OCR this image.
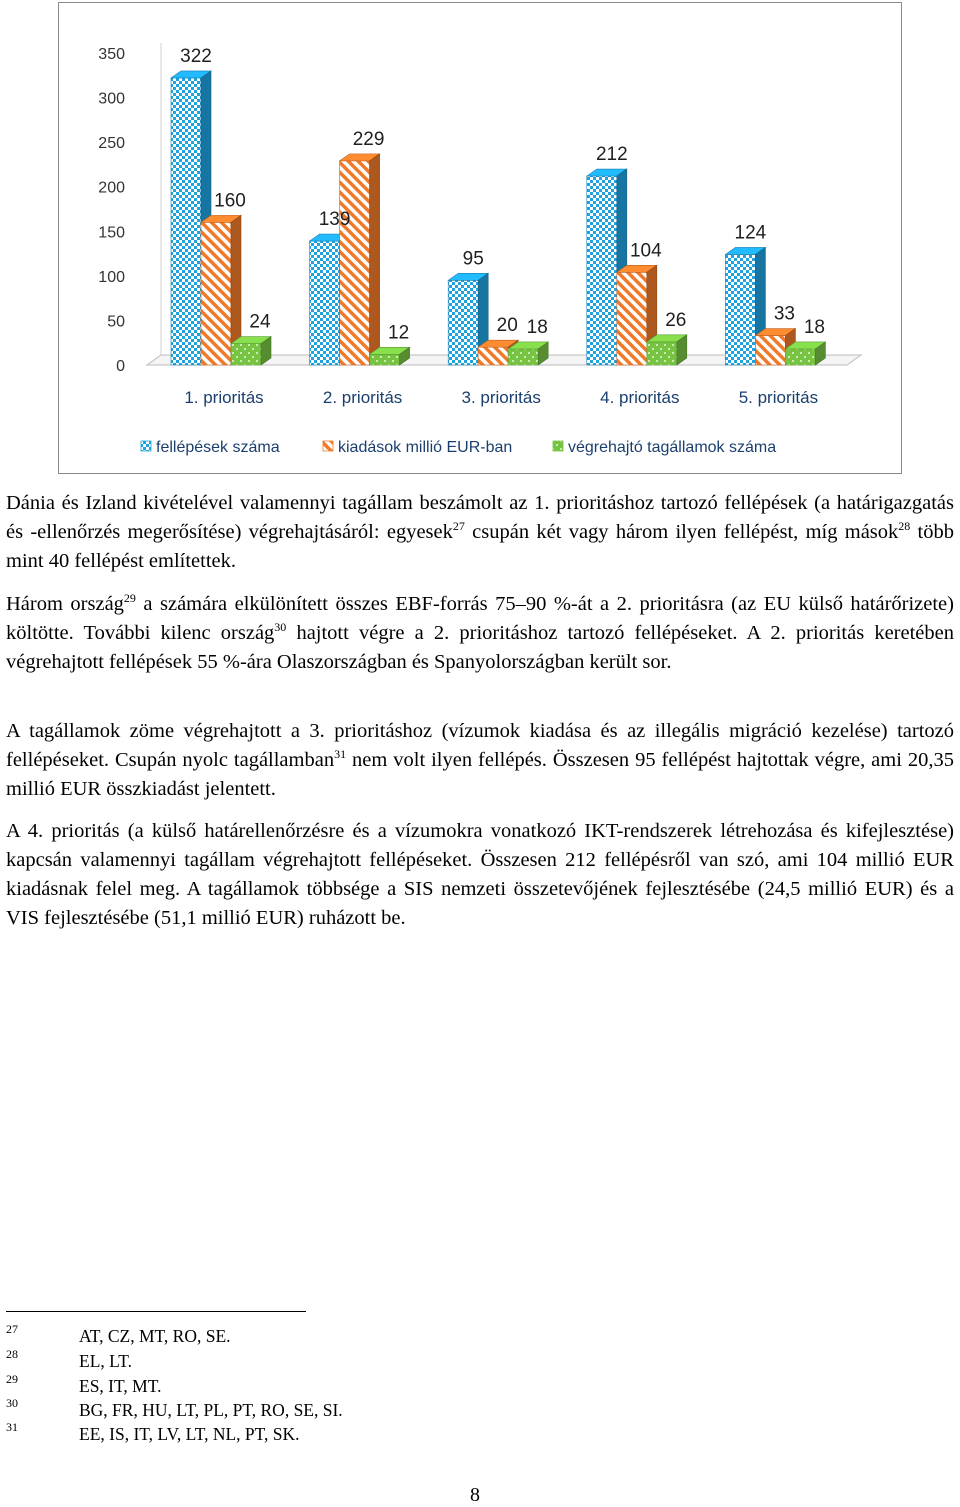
0
50
100
150
200
250
300
350
1. prioritás	2. prioritás	3. prioritás	4. prioritás	5. prioritás
322
160
24
139
229
12
95
20 18
212
104
26
124
33
18
fellépések száma	kiadások millió EUR-ban	végrehajtó tagállamok száma

Dánia és Izland kivételével valamennyi tagállam beszámolt az 1. prioritáshoz tartozó fellépések (a határigazgatás és -ellenőrzés megerősítése) végrehajtásáról: egyesek$^{27}$ csupán két vagy három ilyen fellépést, míg mások$^{28}$ több mint 40 fellépést említettek.

Három ország$^{29}$ a számára elkülönített összes EBF-forrás 75–90 %-át a 2. prioritásra (az EU külső határőrizete) költötte. További kilenc ország$^{30}$ hajtott végre a 2. prioritáshoz tartozó fellépéseket. A 2. prioritás keretében végrehajtott fellépések 55 %-ára Olaszországban és Spanyolországban került sor.

A tagállamok zöme végrehajtott a 3. prioritáshoz (vízumok kiadása és az illegális migráció kezelése) tartozó fellépéseket. Csupán nyolc tagállamban$^{31}$ nem volt ilyen fellépés. Összesen 95 fellépést hajtottak végre, ami 20,35 millió EUR összkiadást jelentett.

A 4. prioritás (a külső határellenőrzésre és a vízumokra vonatkozó IKT-rendszerek létrehozása és kifejlesztése) kapcsán valamennyi tagállam végrehajtott fellépéseket. Összesen 212 fellépésről van szó, ami 104 millió EUR kiadásnak felel meg. A tagállamok többsége a SIS nemzeti összetevőjének fejlesztésébe (24,5 millió EUR) és a VIS fejlesztésébe (51,1 millió EUR) ruházott be.

27	AT, CZ, MT, RO, SE.
28	EL, LT.
29	ES, IT, MT.
30	BG, FR, HU, LT, PL, PT, RO, SE, SI.
31	EE, IS, IT, LV, LT, NL, PT, SK.
8
